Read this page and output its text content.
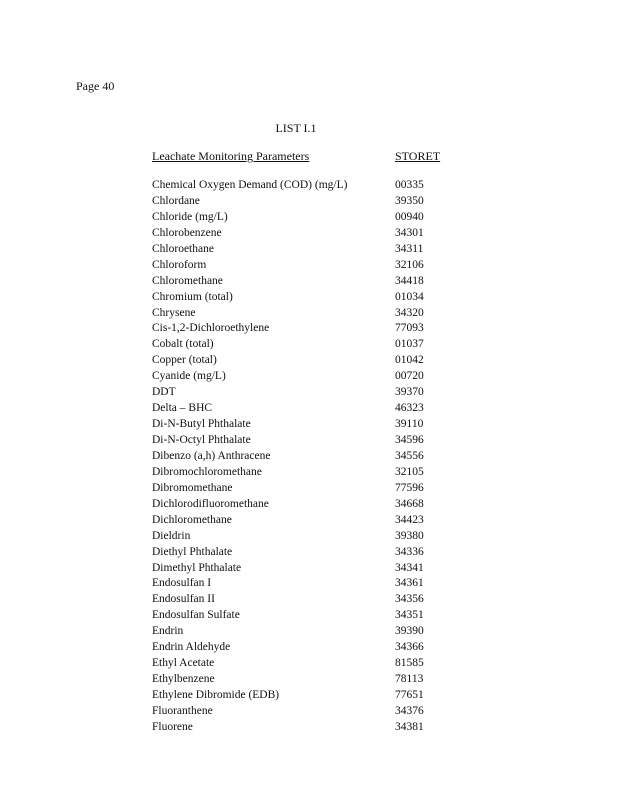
Page 40
LIST I.1
Leachate Monitoring Parameters	STORET
Chemical Oxygen Demand (COD) (mg/L)	00335
Chlordane	39350
Chloride (mg/L)	00940
Chlorobenzene	34301
Chloroethane	34311
Chloroform	32106
Chloromethane	34418
Chromium (total)	01034
Chrysene	34320
Cis-1,2-Dichloroethylene	77093
Cobalt (total)	01037
Copper (total)	01042
Cyanide (mg/L)	00720
DDT	39370
Delta – BHC	46323
Di-N-Butyl Phthalate	39110
Di-N-Octyl Phthalate	34596
Dibenzo (a,h) Anthracene	34556
Dibromochloromethane	32105
Dibromomethane	77596
Dichlorodifluoromethane	34668
Dichloromethane	34423
Dieldrin	39380
Diethyl Phthalate	34336
Dimethyl Phthalate	34341
Endosulfan I	34361
Endosulfan II	34356
Endosulfan Sulfate	34351
Endrin	39390
Endrin Aldehyde	34366
Ethyl Acetate	81585
Ethylbenzene	78113
Ethylene Dibromide (EDB)	77651
Fluoranthene	34376
Fluorene	34381
